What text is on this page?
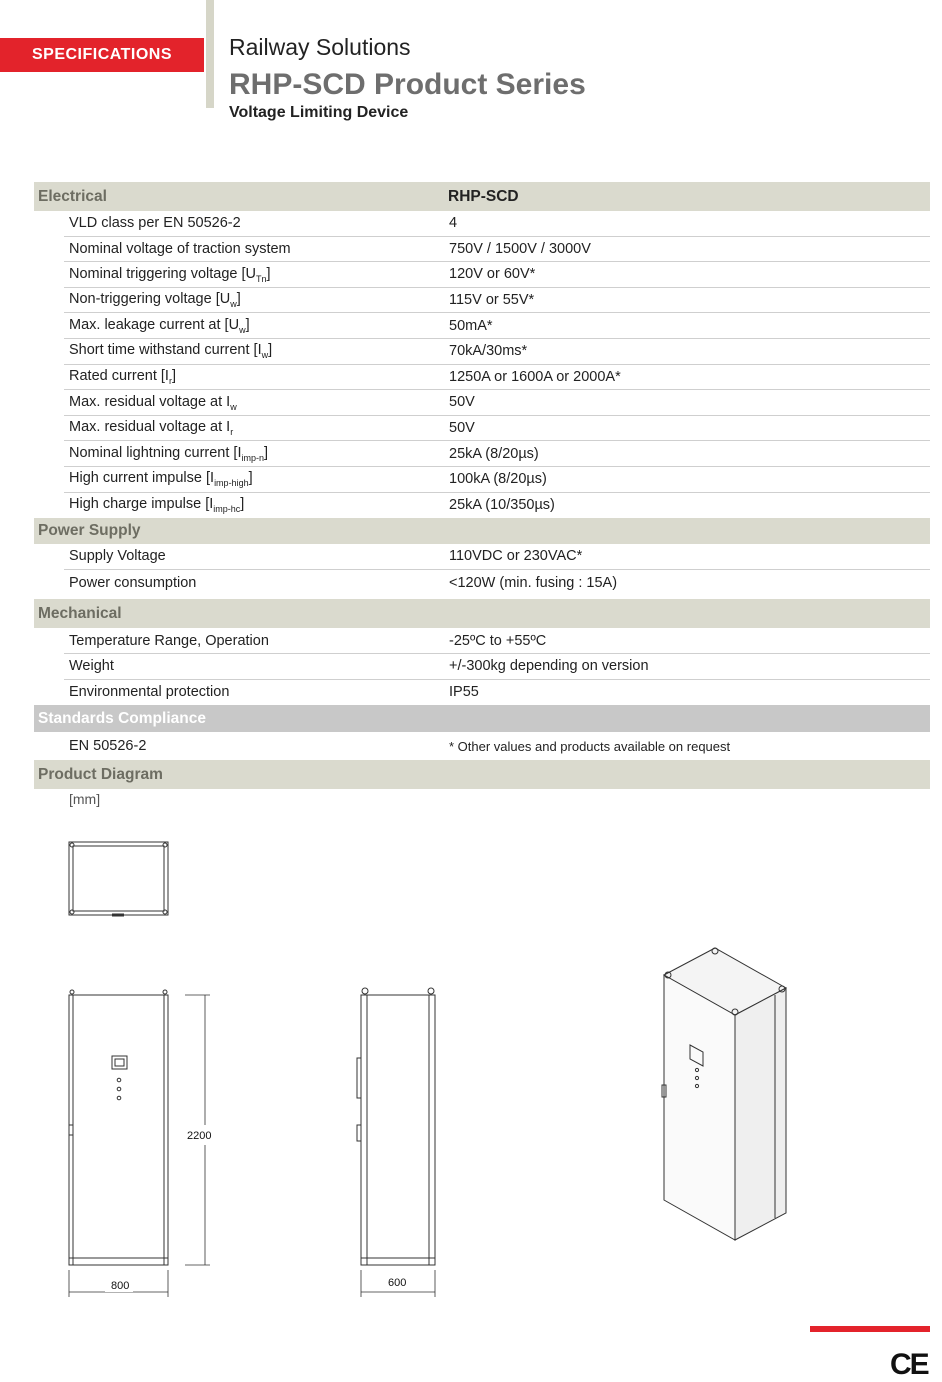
SPECIFICATIONS	Railway Solutions
RHP-SCD Product Series
Voltage Limiting Device
Electrical	RHP-SCD
VLD class per EN 50526-2	4
Nominal voltage of traction system	750V / 1500V / 3000V
Nominal triggering voltage $[U_{Tn}]$	120V or 60V*
Non-triggering voltage $[U_w]$	115V or 55V*
Max. leakage current at $[U_w]$	50mA*
Short time withstand current $[I_w]$	70kA/30ms*
Rated current $[I_r]$	1250A or 1600A or 2000A*
Max. residual voltage at $I_w$	50V
Max. residual voltage at $I_r$	50V
Nominal lightning current $[I_{imp-n}]$	25kA (8/20µs)
High current impulse $[I_{imp-high}]$	100kA (8/20µs)
High charge impulse $[I_{imp-hc}]$	25kA (10/350µs)
Power Supply
Supply Voltage	110VDC or 230VAC*
Power consumption	<120W (min. fusing : 15A)
Mechanical
Temperature Range, Operation	-25ºC to +55ºC
Weight	+/-300kg depending on version
Environmental protection	IP55
Standards Compliance
EN 50526-2	* Other values and products available on request
Product Diagram
[mm]
2200
800	600
CE
